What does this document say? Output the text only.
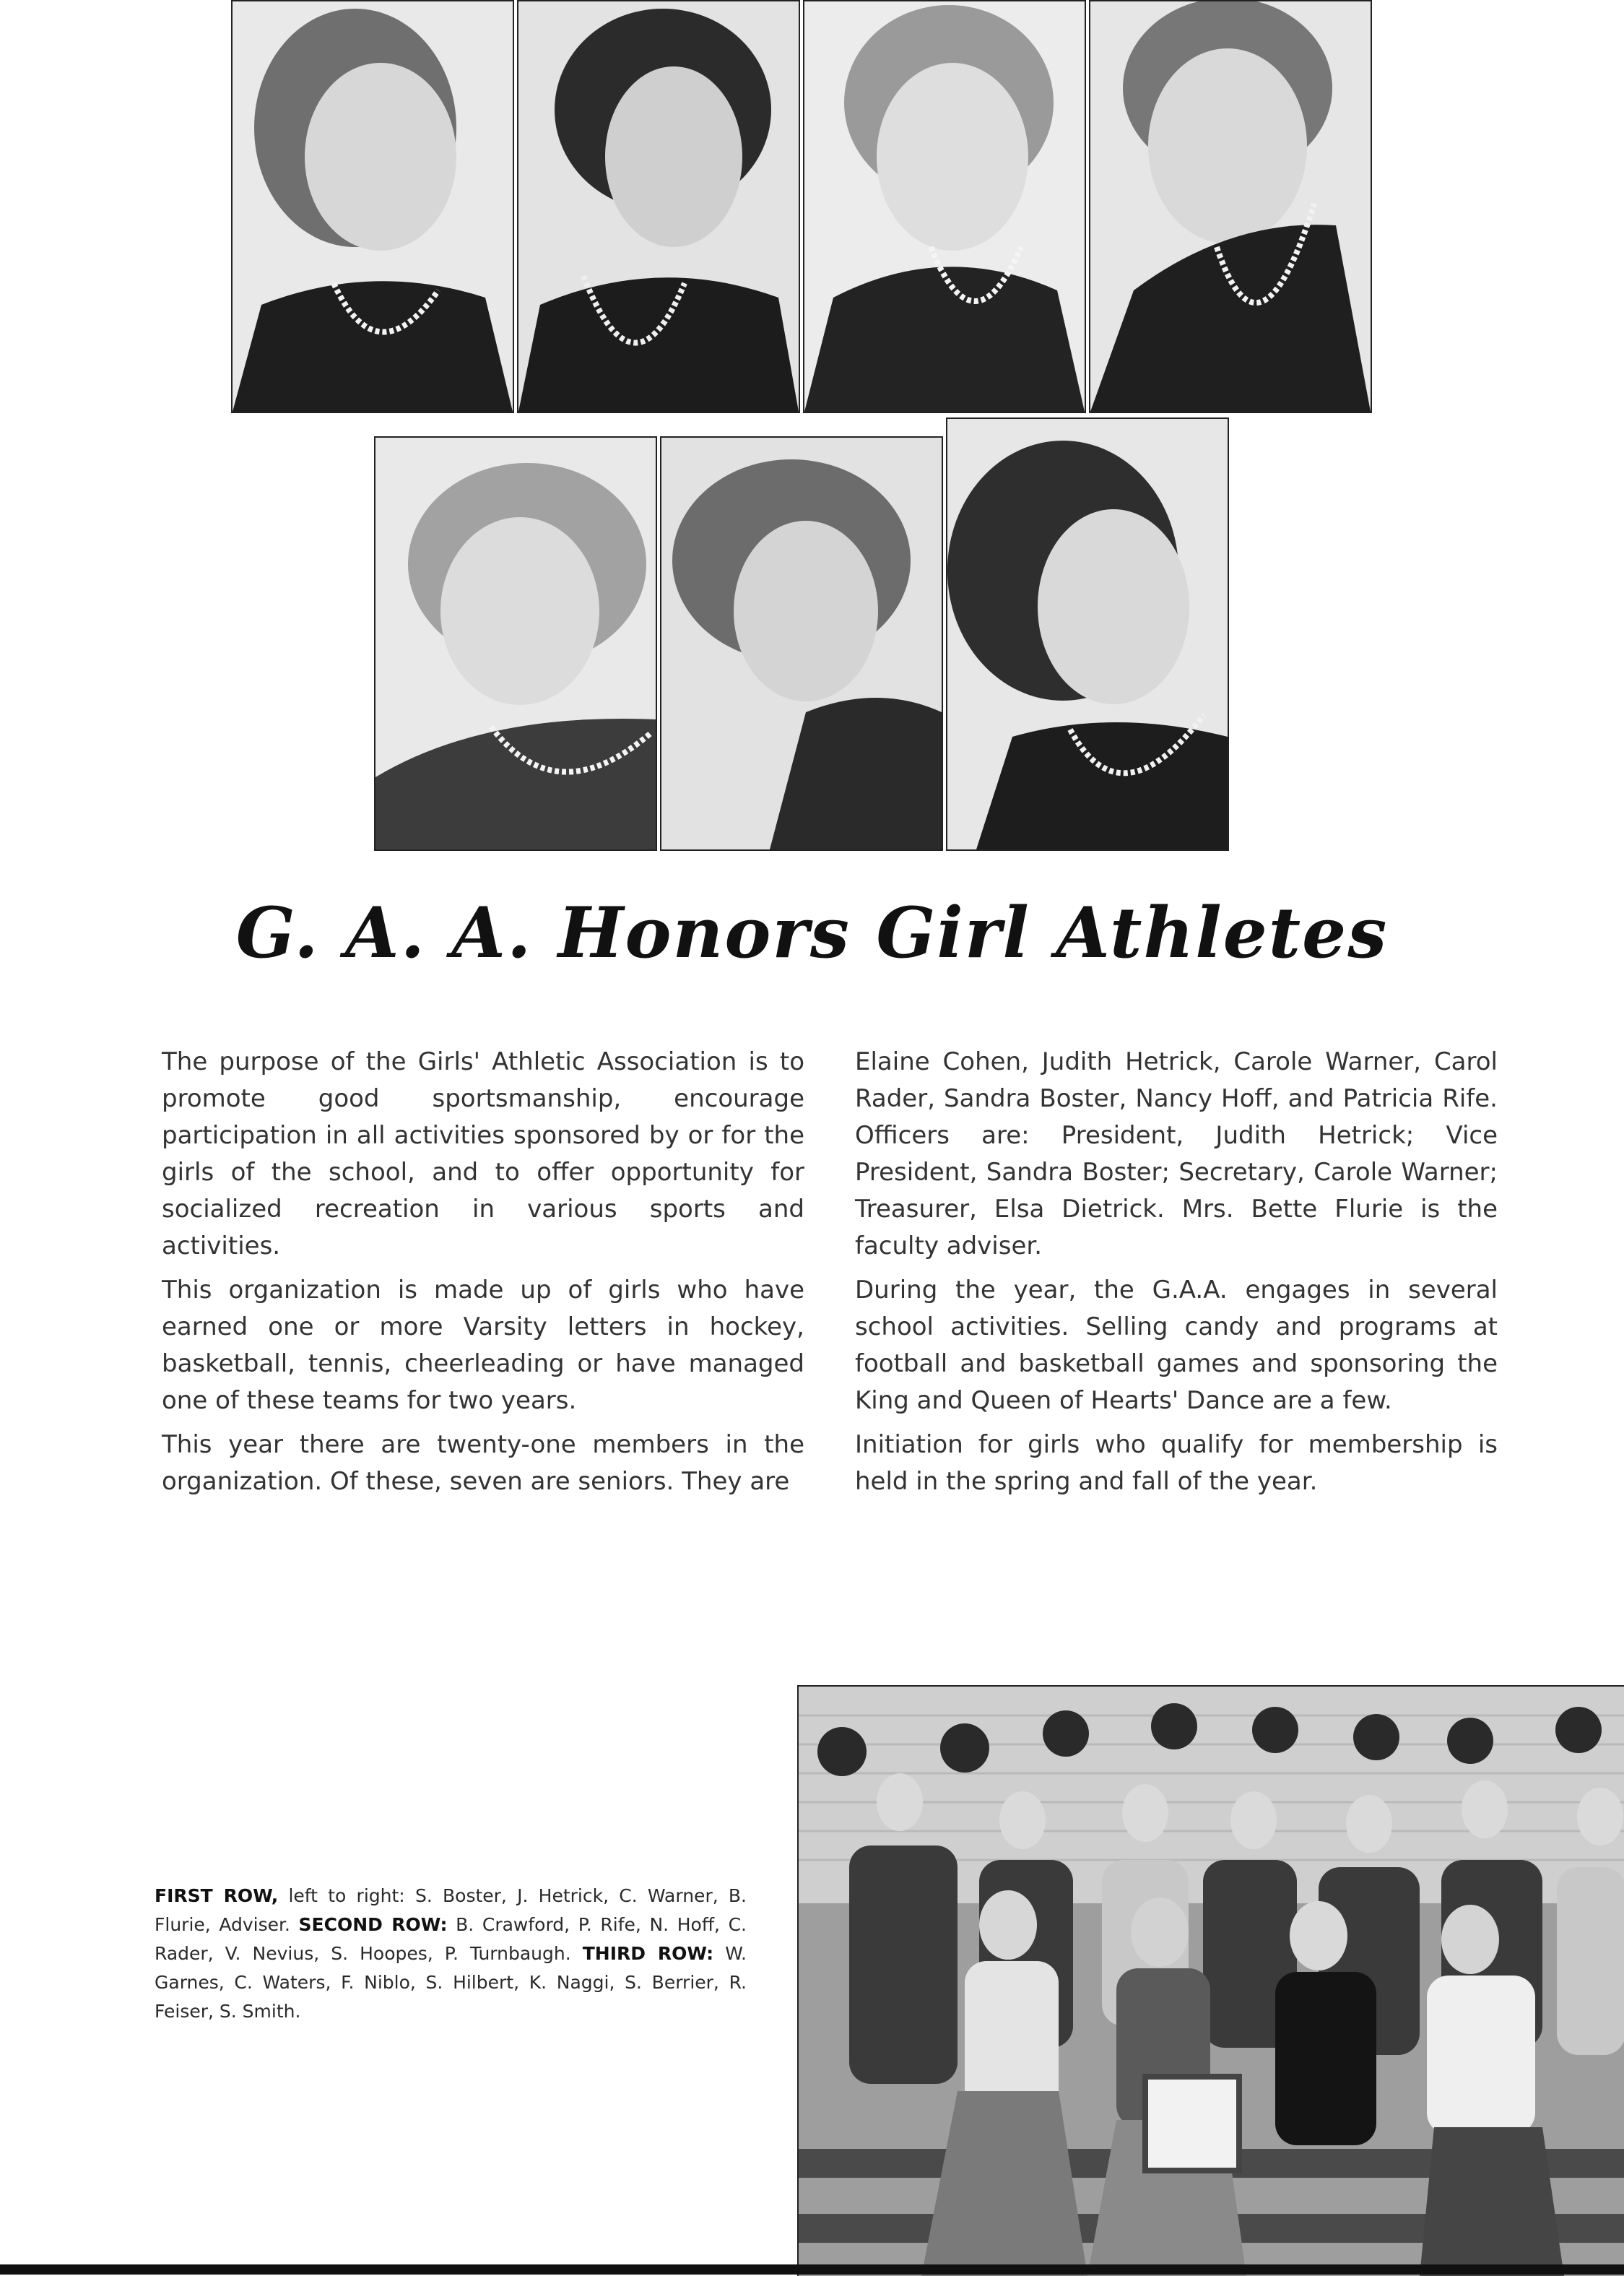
G. A. A. Honors Girl Athletes

The purpose of the Girls' Athletic Association is to promote good sportsmanship, encourage participation in all activities sponsored by or for the girls of the school, and to offer opportunity for socialized recreation in various sports and activities.

This organization is made up of girls who have earned one or more Varsity letters in hockey, basketball, tennis, cheerleading or have managed one of these teams for two years.

This year there are twenty-one members in the organization. Of these, seven are seniors. They are

Elaine Cohen, Judith Hetrick, Carole Warner, Carol Rader, Sandra Boster, Nancy Hoff, and Patricia Rife. Officers are: President, Judith Hetrick; Vice President, Sandra Boster; Secretary, Carole Warner; Treasurer, Elsa Dietrick. Mrs. Bette Flurie is the faculty adviser.

During the year, the G.A.A. engages in several school activities. Selling candy and programs at football and basketball games and sponsoring the King and Queen of Hearts' Dance are a few.

Initiation for girls who qualify for membership is held in the spring and fall of the year.

FIRST ROW, left to right: S. Boster, J. Hetrick, C. Warner, B. Flurie, Adviser. SECOND ROW: B. Crawford, P. Rife, N. Hoff, C. Rader, V. Nevius, S. Hoopes, P. Turnbaugh. THIRD ROW: W. Garnes, C. Waters, F. Niblo, S. Hilbert, K. Naggi, S. Berrier, R. Feiser, S. Smith.
